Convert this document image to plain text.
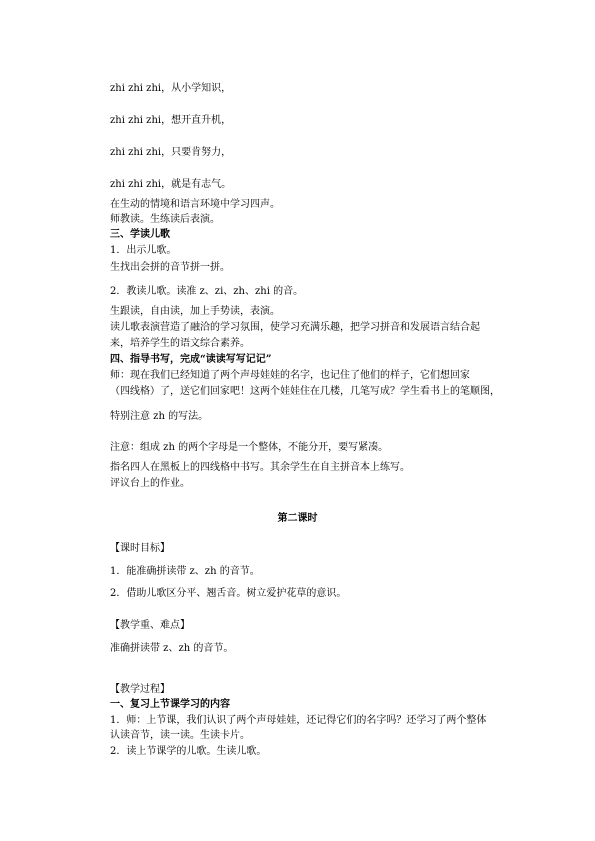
zhi zhi zhi，从小学知识，
zhi zhi zhi，想开直升机，
zhi zhi zhi，只要肯努力，
zhi zhi zhi，就是有志气。
在生动的情境和语言环境中学习四声。
师教读。生练读后表演。
三、学读儿歌
1．出示儿歌。
生找出会拼的音节拼一拼。
2．教读儿歌。读准 z、zi、zh、zhi 的音。
生跟读，自由读，加上手势读，表演。
读儿歌表演营造了融洽的学习氛围，使学习充满乐趣，把学习拼音和发展语言结合起
来，培养学生的语文综合素养。
四、指导书写，完成“读读写写记记”
师：现在我们已经知道了两个声母娃娃的名字，也记住了他们的样子，它们想回家
（四线格）了，送它们回家吧！这两个娃娃住在几楼，几笔写成？学生看书上的笔顺图，
特别注意 zh 的写法。
注意：组成 zh 的两个字母是一个整体，不能分开，要写紧凑。
指名四人在黑板上的四线格中书写。其余学生在自主拼音本上练写。
评议台上的作业。
第二课时
【课时目标】
1．能准确拼读带 z、zh 的音节。
2．借助儿歌区分平、翘舌音。树立爱护花草的意识。
【教学重、难点】
准确拼读带 z、zh 的音节。
【教学过程】
一、复习上节课学习的内容
1．师：上节课，我们认识了两个声母娃娃，还记得它们的名字吗？还学习了两个整体
认读音节，读一读。生读卡片。
2．读上节课学的儿歌。生读儿歌。
